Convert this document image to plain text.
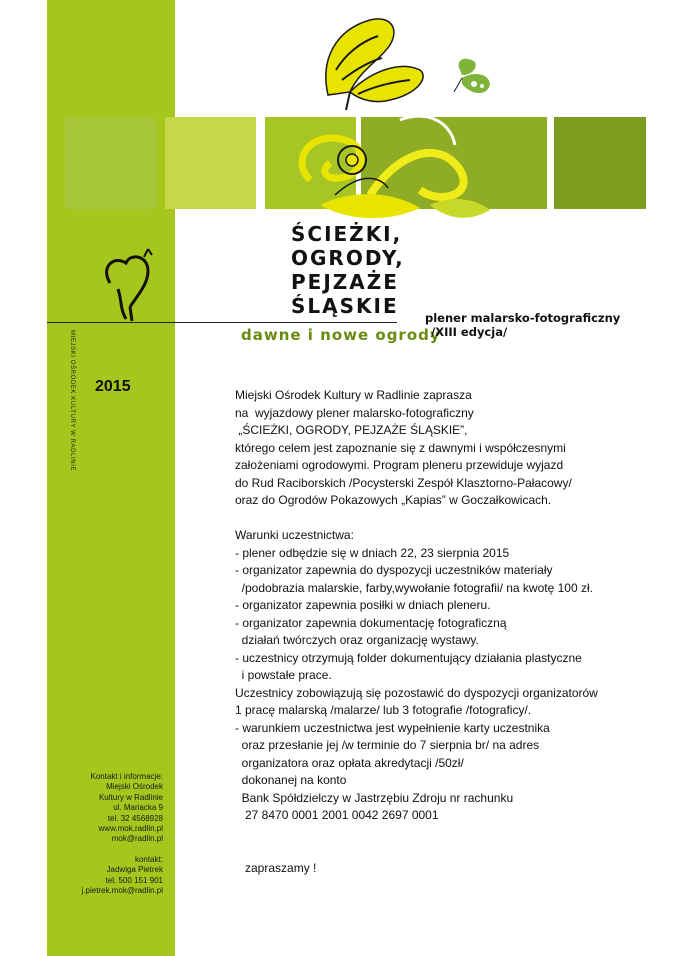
MIEJSKI OŚRODEK KULTURY W RADLINIE
ŚCIEŻKI,
OGRODY,
PEJZAŻE
ŚLĄSKIE
dawne i nowe ogrody
plener malarsko-fotograficzny
/XIII edycja/
2015
Kontakt i informacje:
Miejski Ośrodek
Kultury w Radlinie
ul. Mariacka 9
tel. 32 4568928
www.mok.radlin.pl
mok@radlin.pl
kontakt:
Jadwiga Pietrek
tel. 500 151 901
j.pietrek.mok@radlin.pl
Miejski Ośrodek Kultury w Radlinie zaprasza
na  wyjazdowy plener malarsko-fotograficzny
„ŚCIEŻKI, OGRODY, PEJZAŻE ŚLĄSKIE”,
którego celem jest zapoznanie się z dawnymi i współczesnymi
założeniami ogrodowymi. Program pleneru przewiduje wyjazd
do Rud Raciborskich /Pocysterski Zespół Klasztorno-Pałacowy/
oraz do Ogrodów Pokazowych „Kapias” w Goczałkowicach.
Warunki uczestnictwa:
- plener odbędzie się w dniach 22, 23 sierpnia 2015
- organizator zapewnia do dyspozycji uczestników materiały
/podobrazia malarskie, farby,wywołanie fotografii/ na kwotę 100 zł.
- organizator zapewnia posiłki w dniach pleneru.
- organizator zapewnia dokumentację fotograficzną
działań twórczych oraz organizację wystawy.
- uczestnicy otrzymują folder dokumentujący działania plastyczne
i powstałe prace.
Uczestnicy zobowiązują się pozostawić do dyspozycji organizatorów
1 pracę malarską /malarze/ lub 3 fotografie /fotograficy/.
- warunkiem uczestnictwa jest wypełnienie karty uczestnika
oraz przesłanie jej /w terminie do 7 sierpnia br/ na adres
organizatora oraz opłata akredytacji /50zł/
dokonanej na konto
Bank Spółdzielczy w Jastrzębiu Zdroju nr rachunku
27 8470 0001 2001 0042 2697 0001
zapraszamy !
